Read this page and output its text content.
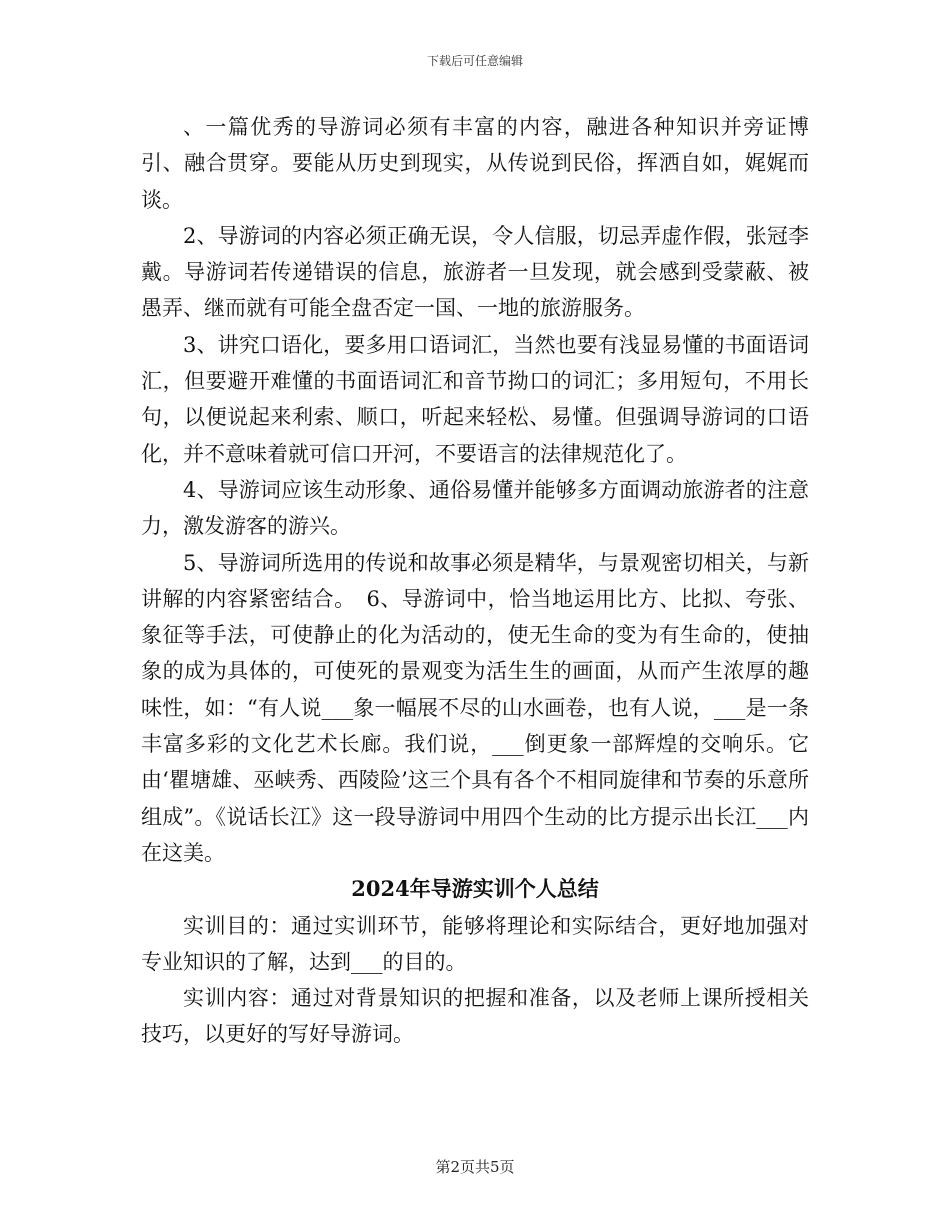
下载后可任意编辑

、一篇优秀的导游词必须有丰富的内容，融进各种知识并旁证博引、融合贯穿。要能从历史到现实，从传说到民俗，挥洒自如，娓娓而谈。

2、导游词的内容必须正确无误，令人信服，切忌弄虚作假，张冠李戴。导游词若传递错误的信息，旅游者一旦发现，就会感到受蒙蔽、被愚弄、继而就有可能全盘否定一国、一地的旅游服务。

3、讲究口语化，要多用口语词汇，当然也要有浅显易懂的书面语词汇，但要避开难懂的书面语词汇和音节拗口的词汇；多用短句，不用长句，以便说起来利索、顺口，听起来轻松、易懂。但强调导游词的口语化，并不意味着就可信口开河，不要语言的法律规范化了。

4、导游词应该生动形象、通俗易懂并能够多方面调动旅游者的注意力，激发游客的游兴。

5、导游词所选用的传说和故事必须是精华，与景观密切相关，与新讲解的内容紧密结合。　6、导游词中，恰当地运用比方、比拟、夸张、象征等手法，可使静止的化为活动的，使无生命的变为有生命的，使抽象的成为具体的，可使死的景观变为活生生的画面，从而产生浓厚的趣味性，如：“有人说___象一幅展不尽的山水画卷，也有人说，___是一条丰富多彩的文化艺术长廊。我们说，___倒更象一部辉煌的交响乐。它由‘瞿塘雄、巫峡秀、西陵险’这三个具有各个不相同旋律和节奏的乐意所组成”。《说话长江》这一段导游词中用四个生动的比方提示出长江___内在这美。

2024年导游实训个人总结

实训目的：通过实训环节，能够将理论和实际结合，更好地加强对专业知识的了解，达到___的目的。

实训内容：通过对背景知识的把握和准备，以及老师上课所授相关技巧，以更好的写好导游词。

第2页共5页
